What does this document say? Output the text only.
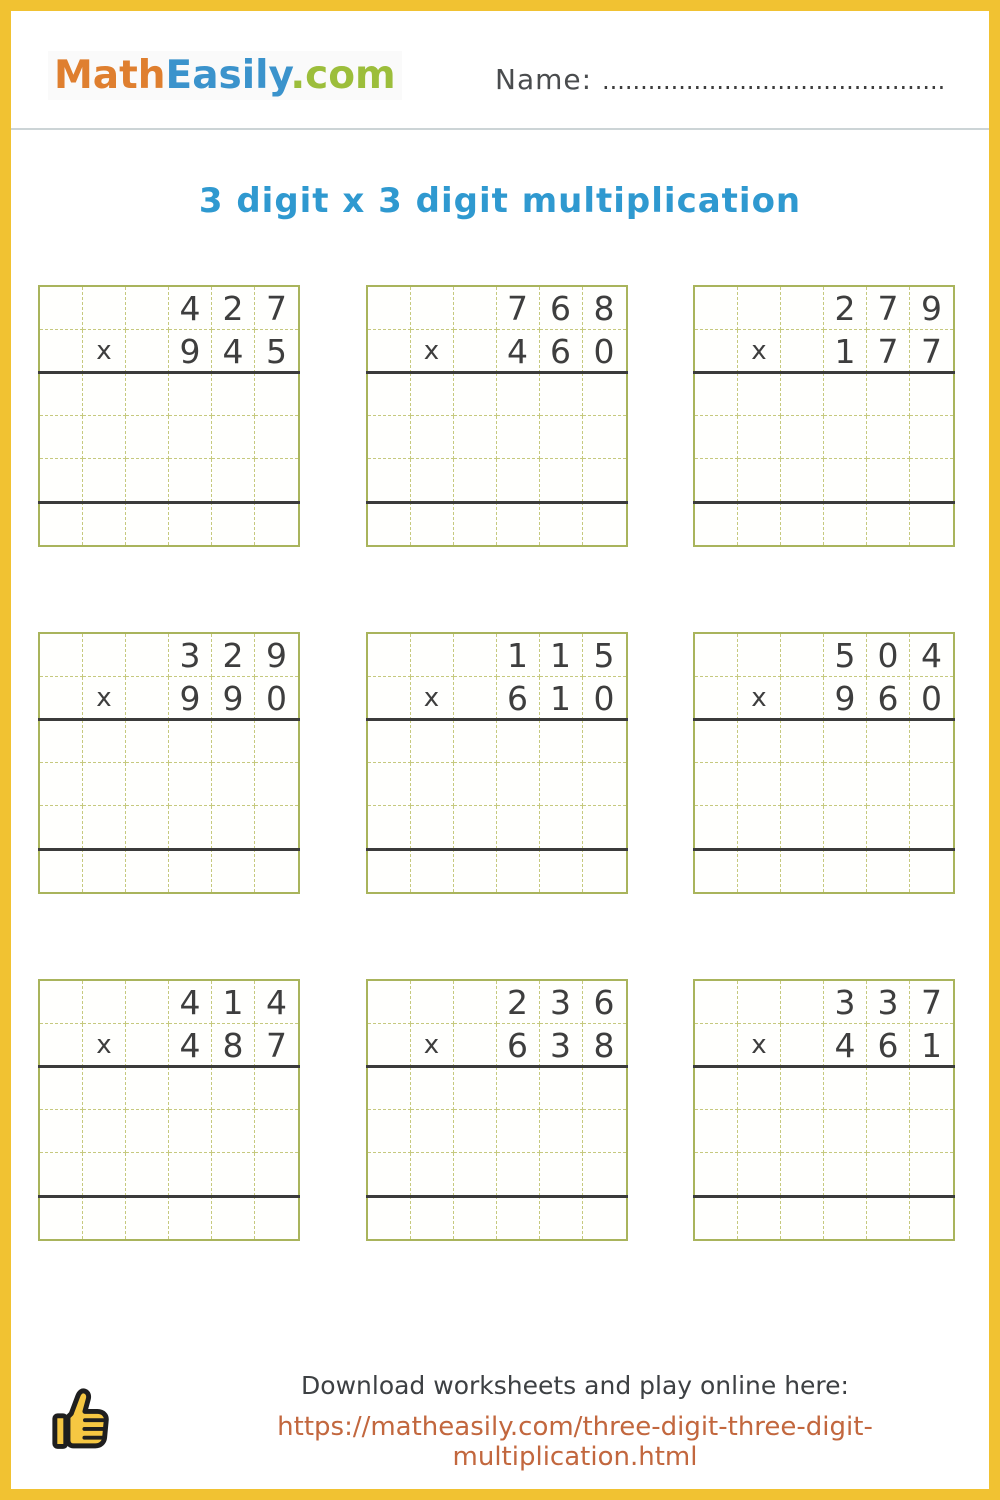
MathEasily.com	Name: .............................................
3 digit x 3 digit multiplication
4 2 7
x	9 4 5
7 6 8
x	4 6 0
2 7 9
x	1 7 7
3 2 9
x	9 9 0
1 1 5
x	6 1 0
5 0 4
x	9 6 0
4 1 4
x	4 8 7
2 3 6
x	6 3 8
3 3 7
x	4 6 1

Download worksheets and play online here:

https://matheasily.com/three-digit-three-digit-multiplication.html
